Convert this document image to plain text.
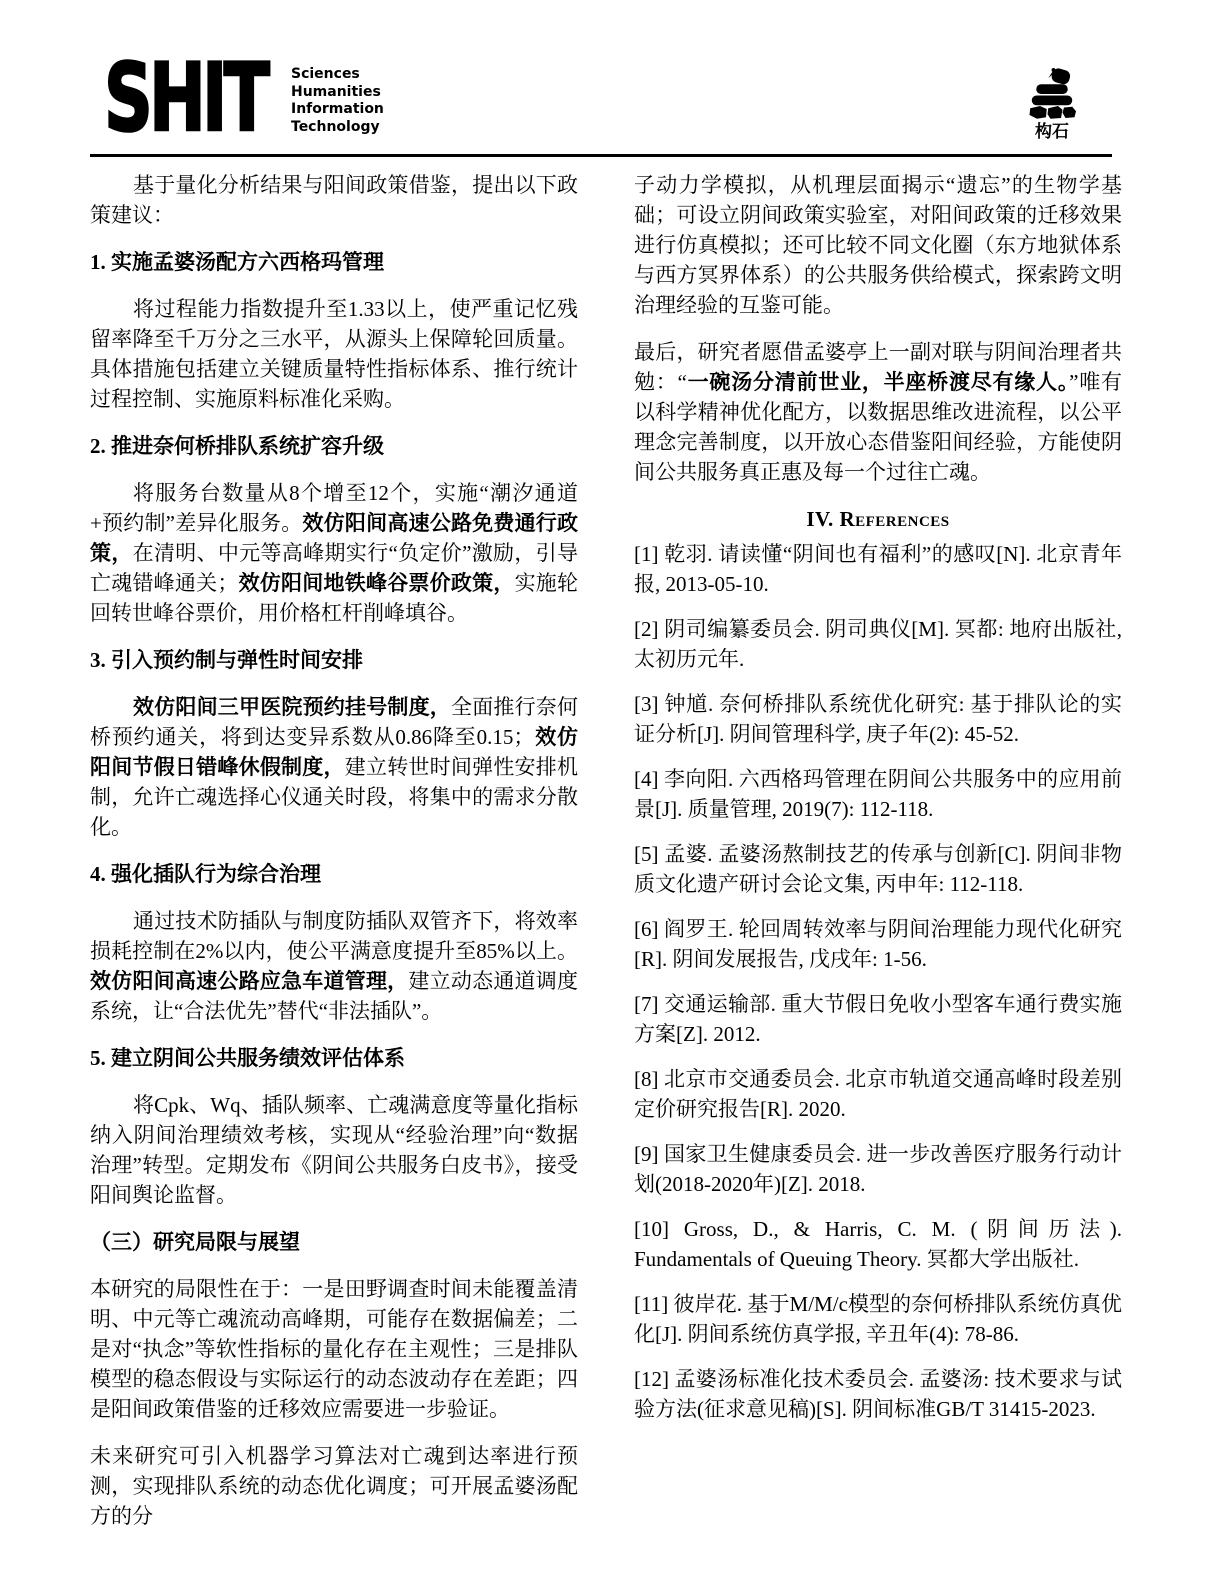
SHIT Sciences
Humanities
Information
Technology	构石

基于量化分析结果与阳间政策借鉴，提出以下政策建议：

1. 实施孟婆汤配方六西格玛管理

将过程能力指数提升至1.33以上，使严重记忆残留率降至千万分之三水平，从源头上保障轮回质量。具体措施包括建立关键质量特性指标体系、推行统计过程控制、实施原料标准化采购。

2. 推进奈何桥排队系统扩容升级

将服务台数量从8个增至12个，实施“潮汐通道+预约制”差异化服务。效仿阳间高速公路免费通行政策，在清明、中元等高峰期实行“负定价”激励，引导亡魂错峰通关；效仿阳间地铁峰谷票价政策，实施轮回转世峰谷票价，用价格杠杆削峰填谷。

3. 引入预约制与弹性时间安排

效仿阳间三甲医院预约挂号制度，全面推行奈何桥预约通关，将到达变异系数从0.86降至0.15；效仿阳间节假日错峰休假制度，建立转世时间弹性安排机制，允许亡魂选择心仪通关时段，将集中的需求分散化。

4. 强化插队行为综合治理

通过技术防插队与制度防插队双管齐下，将效率损耗控制在2%以内，使公平满意度提升至85%以上。效仿阳间高速公路应急车道管理，建立动态通道调度系统，让“合法优先”替代“非法插队”。

5. 建立阴间公共服务绩效评估体系

将Cpk、Wq、插队频率、亡魂满意度等量化指标纳入阴间治理绩效考核，实现从“经验治理”向“数据治理”转型。定期发布《阴间公共服务白皮书》，接受阳间舆论监督。

（三）研究局限与展望

本研究的局限性在于：一是田野调查时间未能覆盖清明、中元等亡魂流动高峰期，可能存在数据偏差；二是对“执念”等软性指标的量化存在主观性；三是排队模型的稳态假设与实际运行的动态波动存在差距；四是阳间政策借鉴的迁移效应需要进一步验证。

未来研究可引入机器学习算法对亡魂到达率进行预测，实现排队系统的动态优化调度；可开展孟婆汤配方的分

子动力学模拟，从机理层面揭示“遗忘”的生物学基础；可设立阴间政策实验室，对阳间政策的迁移效果进行仿真模拟；还可比较不同文化圈（东方地狱体系与西方冥界体系）的公共服务供给模式，探索跨文明治理经验的互鉴可能。

最后，研究者愿借孟婆亭上一副对联与阴间治理者共勉：“一碗汤分清前世业，半座桥渡尽有缘人。”唯有以科学精神优化配方，以数据思维改进流程，以公平理念完善制度，以开放心态借鉴阳间经验，方能使阴间公共服务真正惠及每一个过往亡魂。

IV. References

[1] 乾羽. 请读懂“阴间也有福利”的感叹[N]. 北京青年报, 2013-05-10.

[2] 阴司编纂委员会. 阴司典仪[M]. 冥都: 地府出版社, 太初历元年.

[3] 钟馗. 奈何桥排队系统优化研究: 基于排队论的实证分析[J]. 阴间管理科学, 庚子年(2): 45-52.

[4] 李向阳. 六西格玛管理在阴间公共服务中的应用前景[J]. 质量管理, 2019(7): 112-118.

[5] 孟婆. 孟婆汤熬制技艺的传承与创新[C]. 阴间非物质文化遗产研讨会论文集, 丙申年: 112-118.

[6] 阎罗王. 轮回周转效率与阴间治理能力现代化研究[R]. 阴间发展报告, 戊戌年: 1-56.

[7] 交通运输部. 重大节假日免收小型客车通行费实施方案[Z]. 2012.

[8] 北京市交通委员会. 北京市轨道交通高峰时段差别定价研究报告[R]. 2020.

[9] 国家卫生健康委员会. 进一步改善医疗服务行动计划(2018-2020年)[Z]. 2018.

[10] Gross, D., & Harris, C. M. (阴间历法). Fundamentals of Queuing Theory. 冥都大学出版社.

[11] 彼岸花. 基于M/M/c模型的奈何桥排队系统仿真优化[J]. 阴间系统仿真学报, 辛丑年(4): 78-86.

[12] 孟婆汤标准化技术委员会. 孟婆汤: 技术要求与试验方法(征求意见稿)[S]. 阴间标准GB/T 31415-2023.
